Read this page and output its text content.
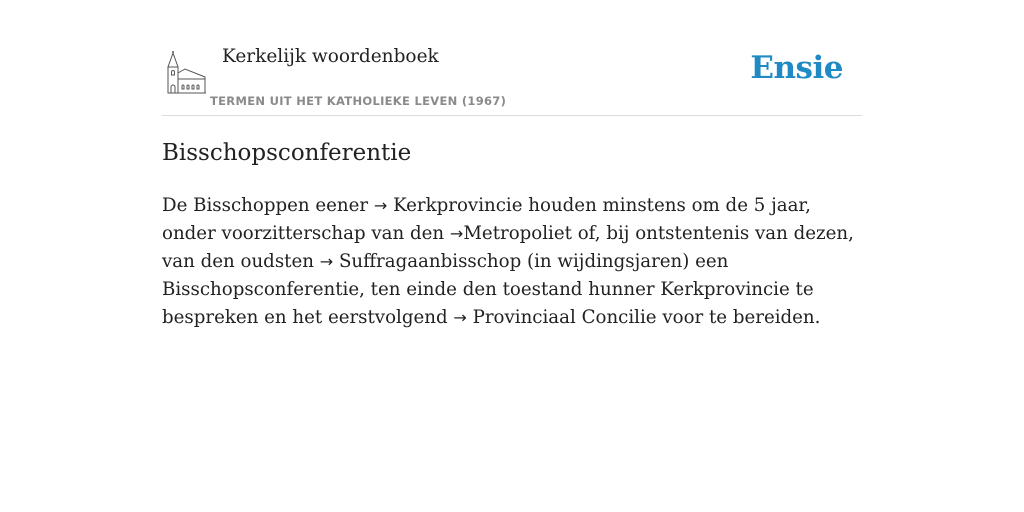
Kerkelijk woordenboek
TERMEN UIT HET KATHOLIEKE LEVEN (1967)
Ensie
Bisschopsconferentie

De Bisschoppen eener → Kerkprovincie houden minstens om de 5 jaar, onder voorzitterschap van den →Metropoliet of, bij ontstentenis van dezen, van den oudsten → Suffragaanbisschop (in wijdingsjaren) een Bisschopsconferentie, ten einde den toestand hunner Kerkprovincie te bespreken en het eerstvolgend → Provinciaal Concilie voor te bereiden.
